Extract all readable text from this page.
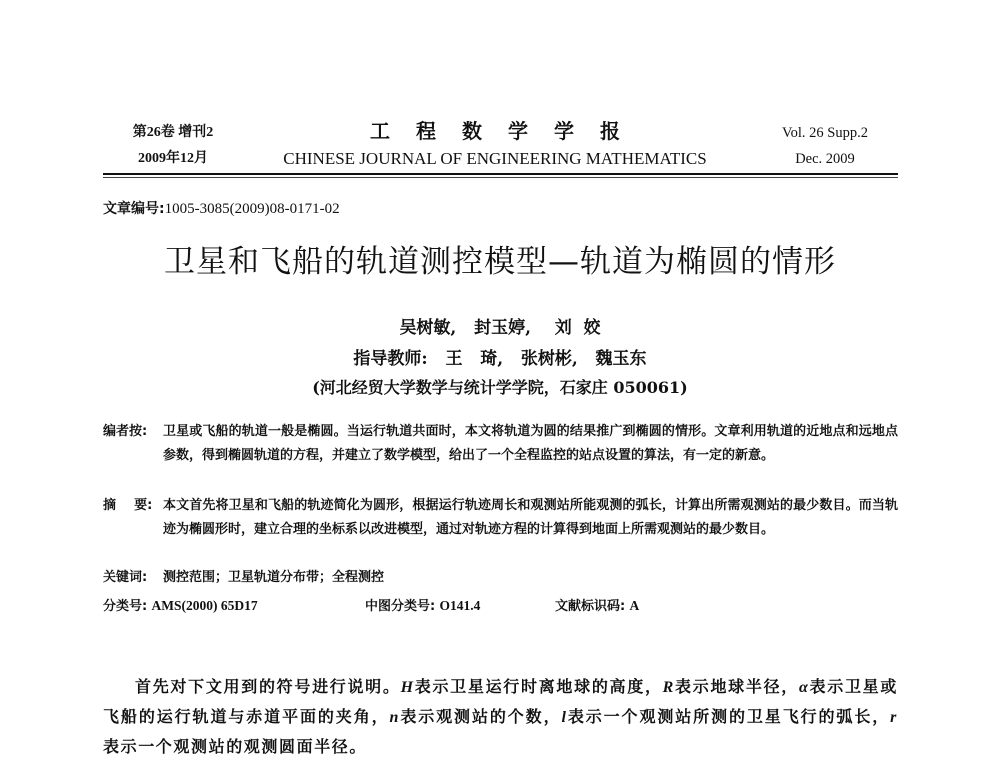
第26卷 增刊2
2009年12月
工程数学学报
CHINESE JOURNAL OF ENGINEERING MATHEMATICS
Vol. 26 Supp.2
Dec. 2009
文章编号:1005-3085(2009)08-0171-02
卫星和飞船的轨道测控模型—轨道为椭圆的情形
吴树敏,   封玉婷,    刘  姣
指导教师:   王   琦,   张树彬,   魏玉东
(河北经贸大学数学与统计学学院，石家庄 050061)
编者按:	卫星或飞船的轨道一般是椭圆。当运行轨道共面时，本文将轨道为圆的结果推广到椭圆的情形。文章利用轨道的近地点和远地点参数，得到椭圆轨道的方程，并建立了数学模型，给出了一个全程监控的站点设置的算法，有一定的新意。
摘    要: 本文首先将卫星和飞船的轨迹简化为圆形，根据运行轨迹周长和观测站所能观测的弧长，计算出所需观测站的最少数目。而当轨迹为椭圆形时，建立合理的坐标系以改进模型，通过对轨迹方程的计算得到地面上所需观测站的最少数目。
关键词:	测控范围；卫星轨道分布带；全程测控
分类号: AMS(2000) 65D17	中图分类号: O141.4	文献标识码: A
首先对下文用到的符号进行说明。H表示卫星运行时离地球的高度，R表示地球半径，α表示卫星或飞船的运行轨道与赤道平面的夹角，n表示观测站的个数，l表示一个观测站所测的卫星飞行的弧长，r表示一个观测站的观测圆面半径。
